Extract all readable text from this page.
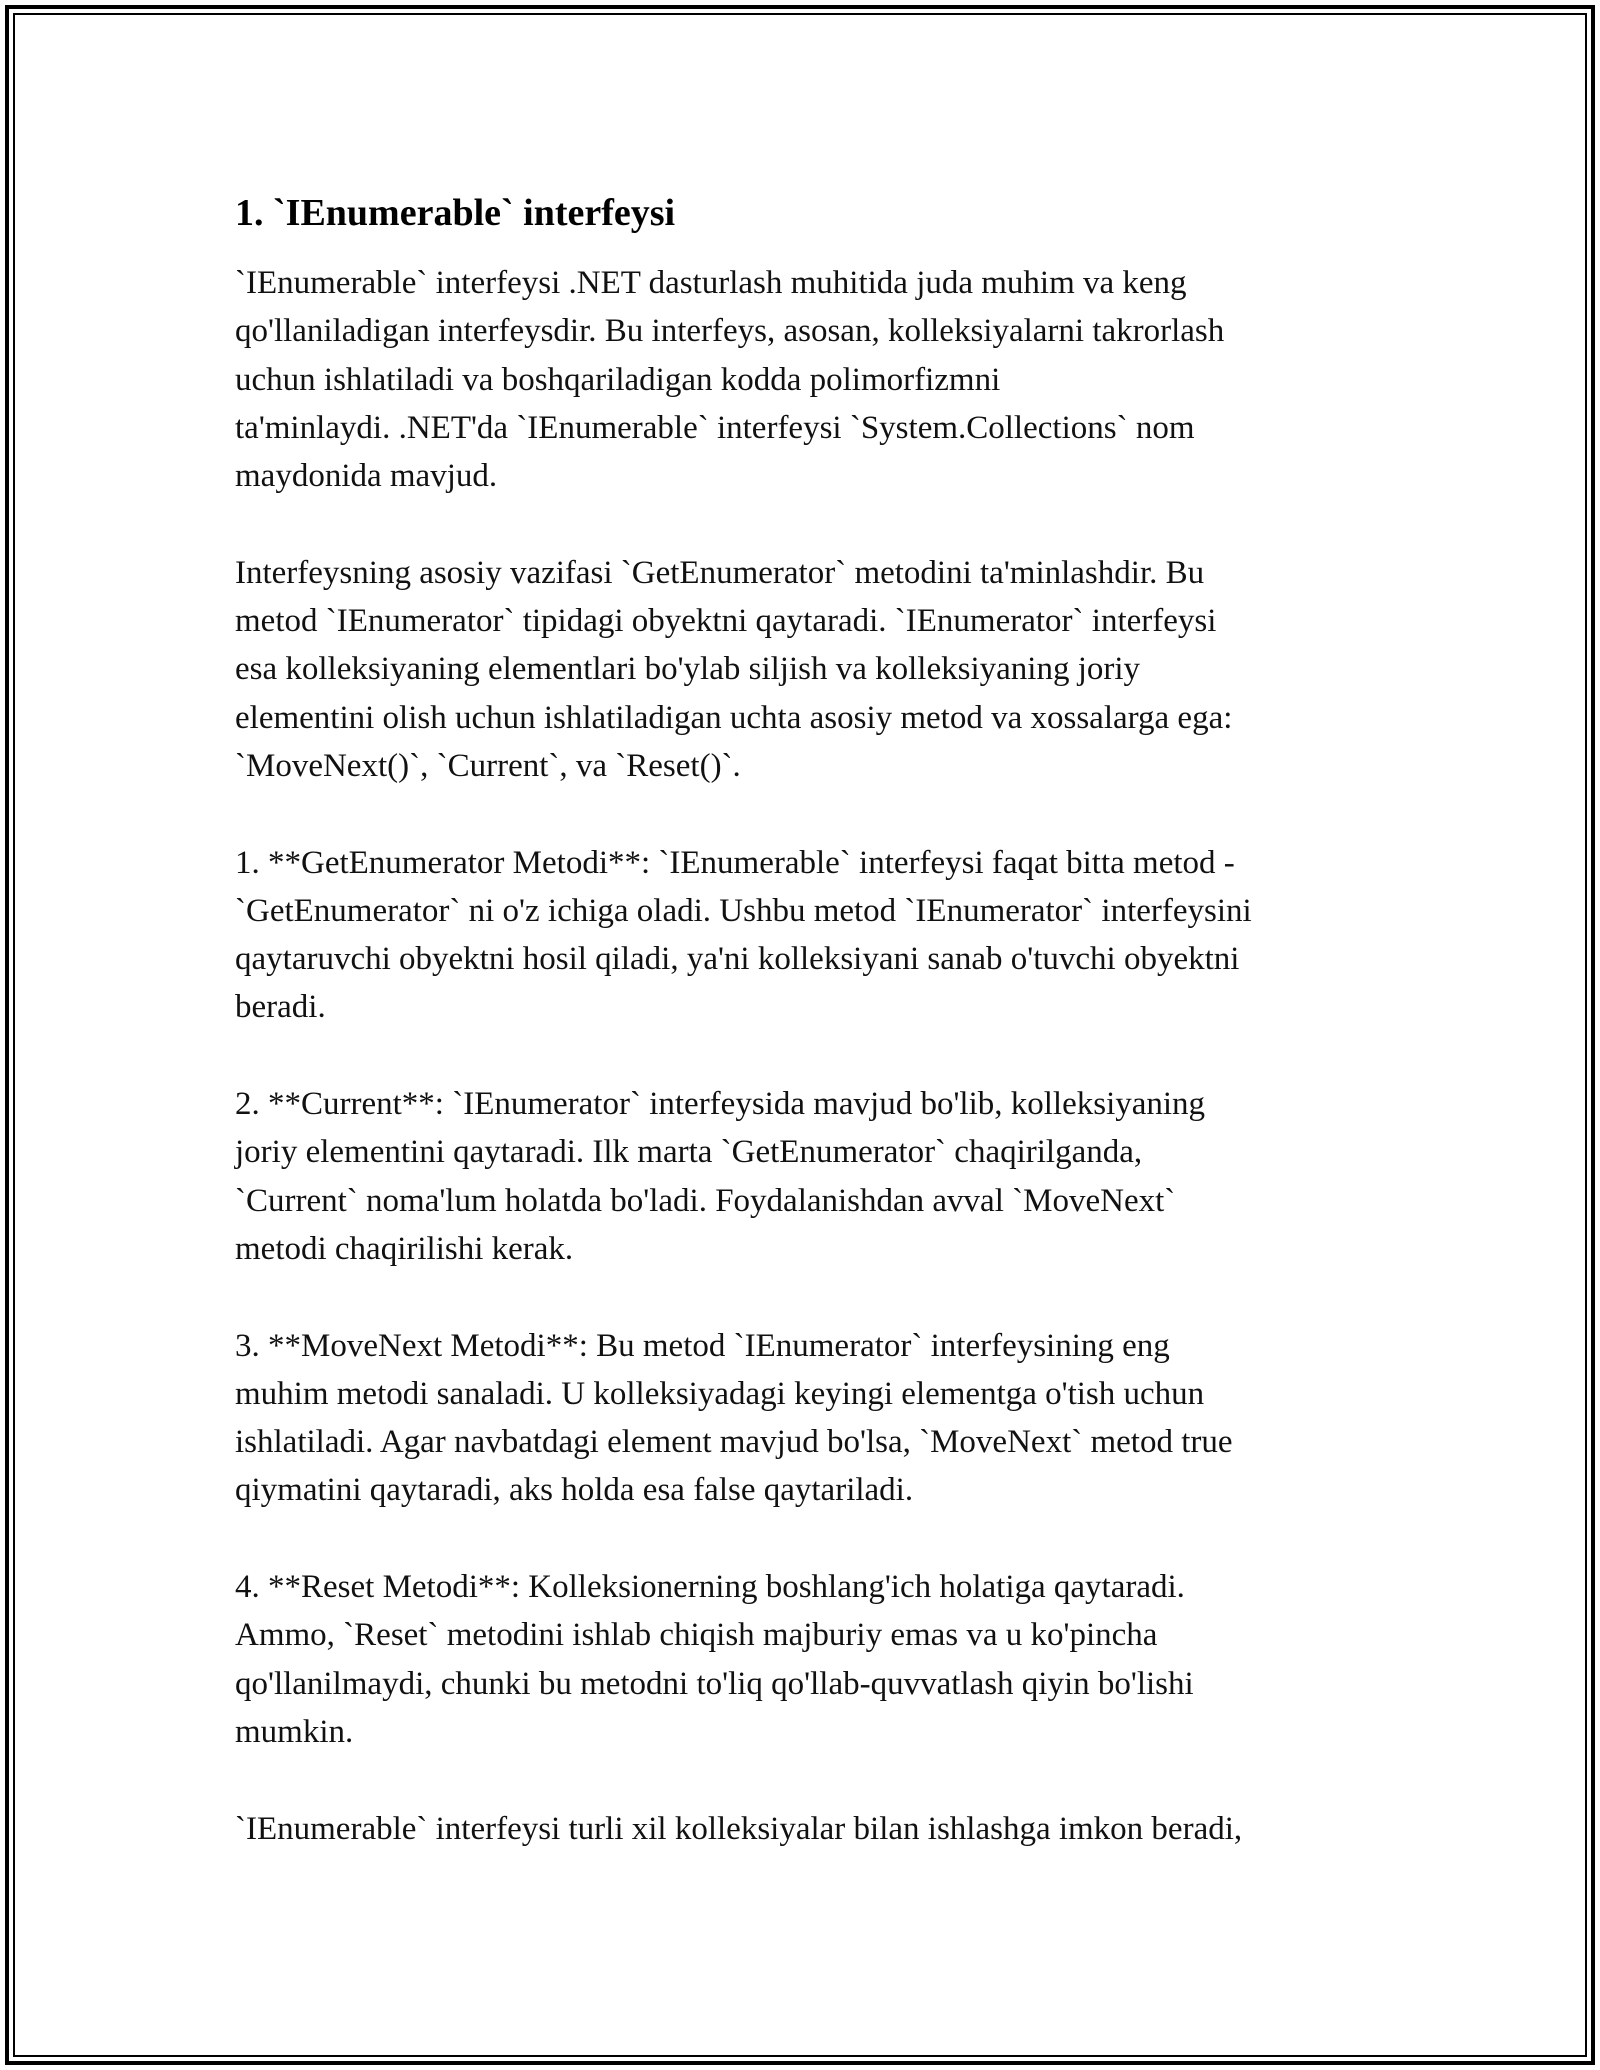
1. `IEnumerable` interfeysi
`IEnumerable` interfeysi .NET dasturlash muhitida juda muhim va keng
qo'llaniladigan interfeysdir. Bu interfeys, asosan, kolleksiyalarni takrorlash
uchun ishlatiladi va boshqariladigan kodda polimorfizmni
ta'minlaydi. .NET'da `IEnumerable` interfeysi `System.Collections` nom
maydonida mavjud.
Interfeysning asosiy vazifasi `GetEnumerator` metodini ta'minlashdir. Bu
metod `IEnumerator` tipidagi obyektni qaytaradi. `IEnumerator` interfeysi
esa kolleksiyaning elementlari bo'ylab siljish va kolleksiyaning joriy
elementini olish uchun ishlatiladigan uchta asosiy metod va xossalarga ega:
`MoveNext()`, `Current`, va `Reset()`.
1. **GetEnumerator Metodi**: `IEnumerable` interfeysi faqat bitta metod -
`GetEnumerator` ni o'z ichiga oladi. Ushbu metod `IEnumerator` interfeysini
qaytaruvchi obyektni hosil qiladi, ya'ni kolleksiyani sanab o'tuvchi obyektni
beradi.
2. **Current**: `IEnumerator` interfeysida mavjud bo'lib, kolleksiyaning
joriy elementini qaytaradi. Ilk marta `GetEnumerator` chaqirilganda,
`Current` noma'lum holatda bo'ladi. Foydalanishdan avval `MoveNext`
metodi chaqirilishi kerak.
3. **MoveNext Metodi**: Bu metod `IEnumerator` interfeysining eng
muhim metodi sanaladi. U kolleksiyadagi keyingi elementga o'tish uchun
ishlatiladi. Agar navbatdagi element mavjud bo'lsa, `MoveNext` metod true
qiymatini qaytaradi, aks holda esa false qaytariladi.
4. **Reset Metodi**: Kolleksionerning boshlang'ich holatiga qaytaradi.
Ammo, `Reset` metodini ishlab chiqish majburiy emas va u ko'pincha
qo'llanilmaydi, chunki bu metodni to'liq qo'llab-quvvatlash qiyin bo'lishi
mumkin.
`IEnumerable` interfeysi turli xil kolleksiyalar bilan ishlashga imkon beradi,
